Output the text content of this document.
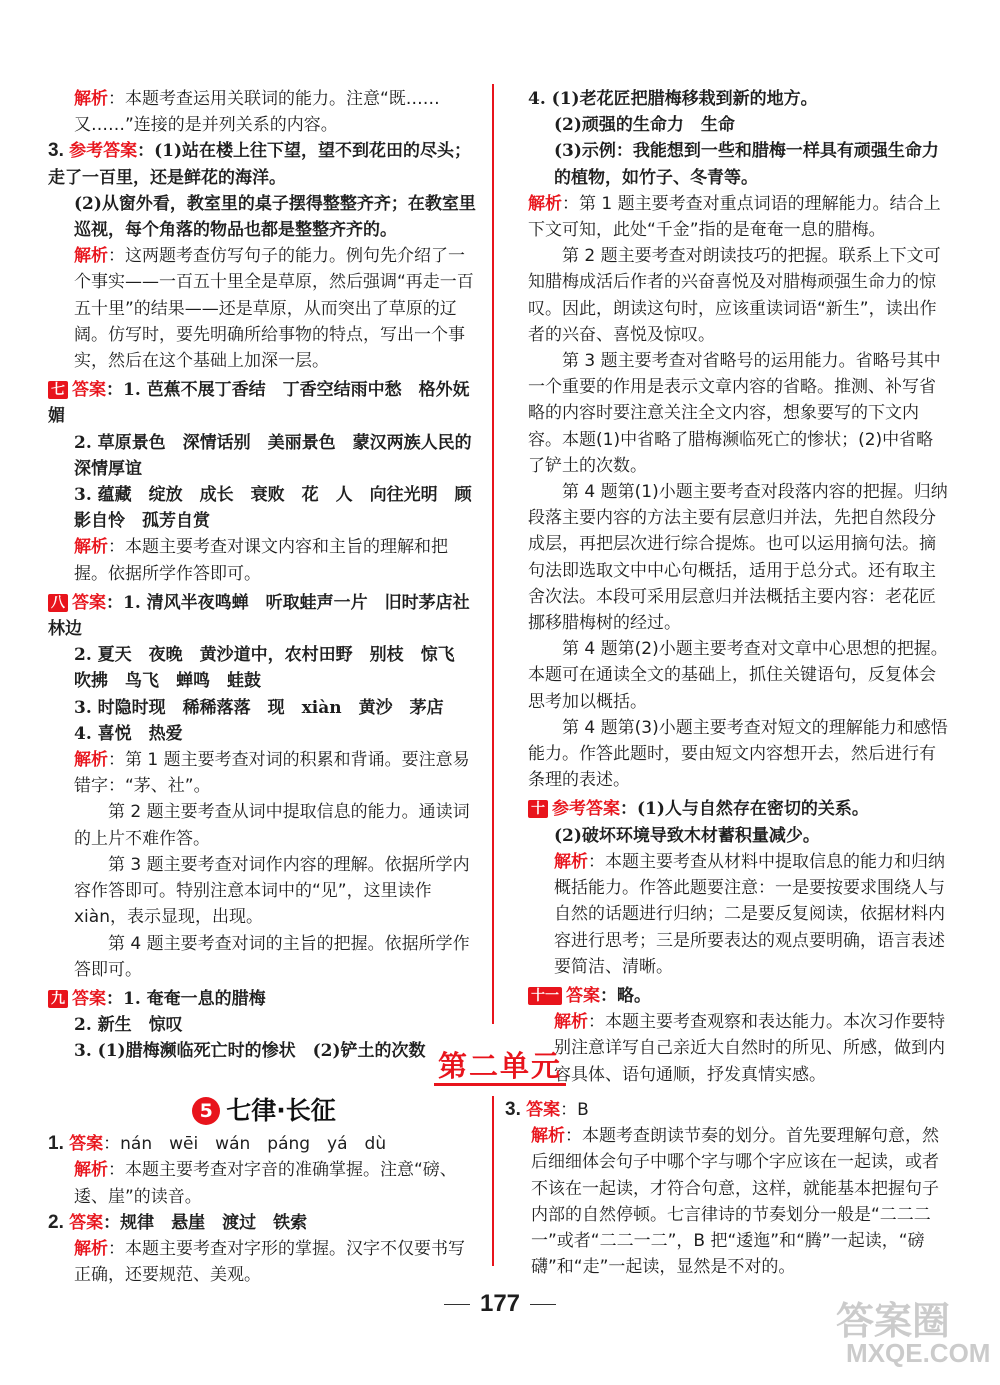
解析：本题考查运用关联词的能力。注意“既……又……”连接的是并列关系的内容。

3. 参考答案：(1)站在楼上往下望，望不到花田的尽头；走了一百里，还是鲜花的海洋。

(2)从窗外看，教室里的桌子摆得整整齐齐；在教室里巡视，每个角落的物品也都是整整齐齐的。

解析：这两题考查仿写句子的能力。例句先介绍了一个事实——一百五十里全是草原，然后强调“再走一百五十里”的结果——还是草原，从而突出了草原的辽阔。仿写时，要先明确所给事物的特点，写出一个事实，然后在这个基础上加深一层。

七 答案：1. 芭蕉不展丁香结　丁香空结雨中愁　格外妩媚

2. 草原景色　深情话别　美丽景色　蒙汉两族人民的深情厚谊

3. 蕴藏　绽放　成长　衰败　花　人　向往光明　顾影自怜　孤芳自赏

解析：本题主要考查对课文内容和主旨的理解和把握。依据所学作答即可。

八 答案：1. 清风半夜鸣蝉　听取蛙声一片　旧时茅店社林边

2. 夏天　夜晚　黄沙道中，农村田野　别枝　惊飞　吹拂　鸟飞　蝉鸣　蛙鼓

3. 时隐时现　稀稀落落　现　xiàn　黄沙　茅店

4. 喜悦　热爱

解析：第 1 题主要考查对词的积累和背诵。要注意易错字：“茅、社”。

第 2 题主要考查从词中提取信息的能力。通读词的上片不难作答。

第 3 题主要考查对词作内容的理解。依据所学内容作答即可。特别注意本词中的“见”，这里读作 xiàn，表示显现，出现。

第 4 题主要考查对词的主旨的把握。依据所学作答即可。

九 答案：1. 奄奄一息的腊梅

2. 新生　惊叹

3. (1)腊梅濒临死亡时的惨状　(2)铲土的次数

4. (1)老花匠把腊梅移栽到新的地方。

(2)顽强的生命力　生命

(3)示例：我能想到一些和腊梅一样具有顽强生命力的植物，如竹子、冬青等。

解析：第 1 题主要考查对重点词语的理解能力。结合上下文可知，此处“千金”指的是奄奄一息的腊梅。

第 2 题主要考查对朗读技巧的把握。联系上下文可知腊梅成活后作者的兴奋喜悦及对腊梅顽强生命力的惊叹。因此，朗读这句时，应该重读词语“新生”，读出作者的兴奋、喜悦及惊叹。

第 3 题主要考查对省略号的运用能力。省略号其中一个重要的作用是表示文章内容的省略。推测、补写省略的内容时要注意关注全文内容，想象要写的下文内容。本题(1)中省略了腊梅濒临死亡的惨状；(2)中省略了铲土的次数。

第 4 题第(1)小题主要考查对段落内容的把握。归纳段落主要内容的方法主要有层意归并法，先把自然段分成层，再把层次进行综合提炼。也可以运用摘句法。摘句法即选取文中中心句概括，适用于总分式。还有取主舍次法。本段可采用层意归并法概括主要内容：老花匠挪移腊梅树的经过。

第 4 题第(2)小题主要考查对文章中心思想的把握。本题可在通读全文的基础上，抓住关键语句，反复体会思考加以概括。

第 4 题第(3)小题主要考查对短文的理解能力和感悟能力。作答此题时，要由短文内容想开去，然后进行有条理的表述。

十 参考答案：(1)人与自然存在密切的关系。

(2)破坏环境导致木材蓄积量减少。

解析：本题主要考查从材料中提取信息的能力和归纳概括能力。作答此题要注意：一是要按要求围绕人与自然的话题进行归纳；二是要反复阅读，依据材料内容进行思考；三是所要表达的观点要明确，语言表述要简洁、清晰。

十一 答案：略。

解析：本题主要考查观察和表达能力。本次习作要特别注意详写自己亲近大自然时的所见、所感，做到内容具体、语句通顺，抒发真情实感。

第二单元
5 七律·长征

1. 答案：nán　wēi　wán　páng　yá　dù

解析：本题主要考查对字音的准确掌握。注意“磅、逶、崖”的读音。

2. 答案：规律　悬崖　渡过　铁索

解析：本题主要考查对字形的掌握。汉字不仅要书写正确，还要规范、美观。

3. 答案：B

解析：本题考查朗读节奏的划分。首先要理解句意，然后细细体会句子中哪个字与哪个字应该在一起读，或者不该在一起读，才符合句意，这样，就能基本把握句子内部的自然停顿。七言律诗的节奏划分一般是“二二二一”或者“二二一二”，B 把“逶迤”和“腾”一起读，“磅礴”和“走”一起读，显然是不对的。

177	答案圈
MXQE.COM
